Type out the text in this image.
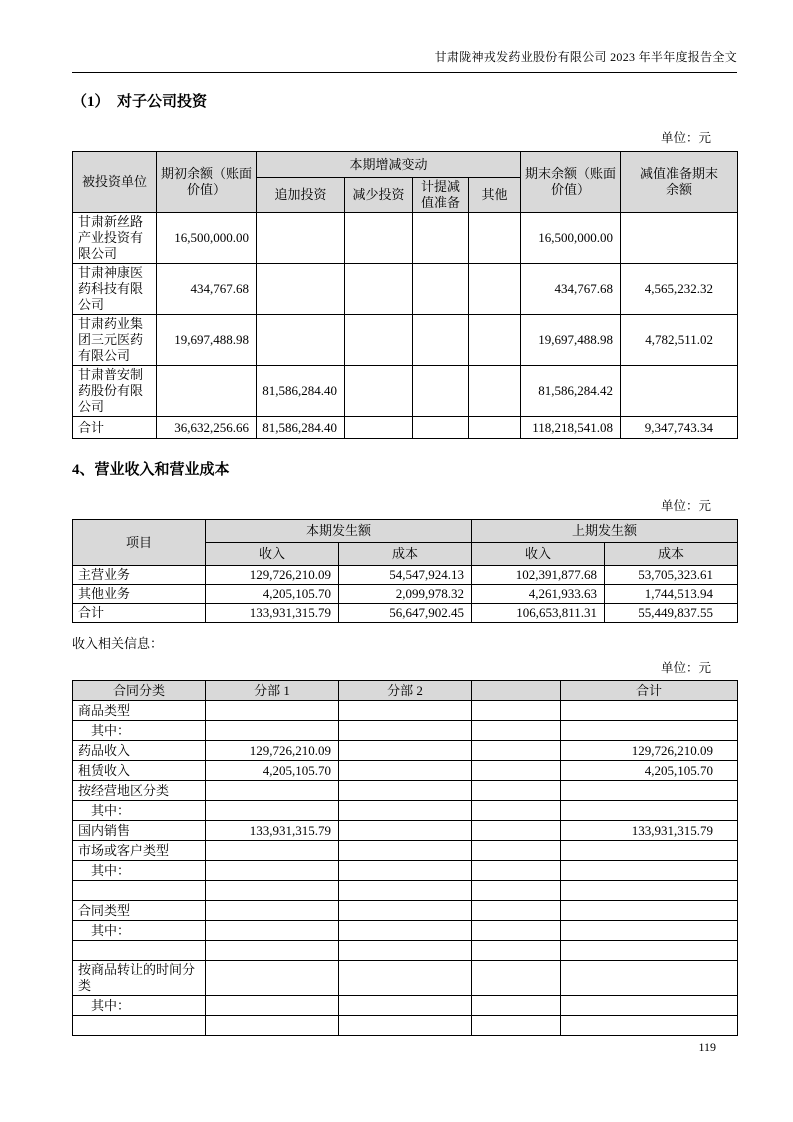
甘肃陇神戎发药业股份有限公司 2023 年半年度报告全文
（1）　对子公司投资
单位：元
被投资单位	期初余额（账面价值）	本期增减变动				期末余额（账面价值）	减值准备期末余额
		追加投资	减少投资	计提减值准备	其他		
甘肃新丝路产业投资有限公司	16,500,000.00					16,500,000.00	
甘肃神康医药科技有限公司	434,767.68					434,767.68	4,565,232.32
甘肃药业集团三元医药有限公司	19,697,488.98					19,697,488.98	4,782,511.02
甘肃普安制药股份有限公司		81,586,284.40				81,586,284.42	
合计	36,632,256.66	81,586,284.40				118,218,541.08	9,347,743.34
4、营业收入和营业成本
单位：元
项目	本期发生额		上期发生额	
	收入	成本	收入	成本
主营业务	129,726,210.09	54,547,924.13	102,391,877.68	53,705,323.61
其他业务	4,205,105.70	2,099,978.32	4,261,933.63	1,744,513.94
合计	133,931,315.79	56,647,902.45	106,653,811.31	55,449,837.55
收入相关信息：
单位：元
合同分类	分部 1	分部 2		合计
商品类型				
其中：				
药品收入	129,726,210.09			129,726,210.09
租赁收入	4,205,105.70			4,205,105.70
按经营地区分类				
其中：				
国内销售	133,931,315.79			133,931,315.79
市场或客户类型				
其中：				

合同类型				
其中：				

按商品转让的时间分类				
其中：				

119
